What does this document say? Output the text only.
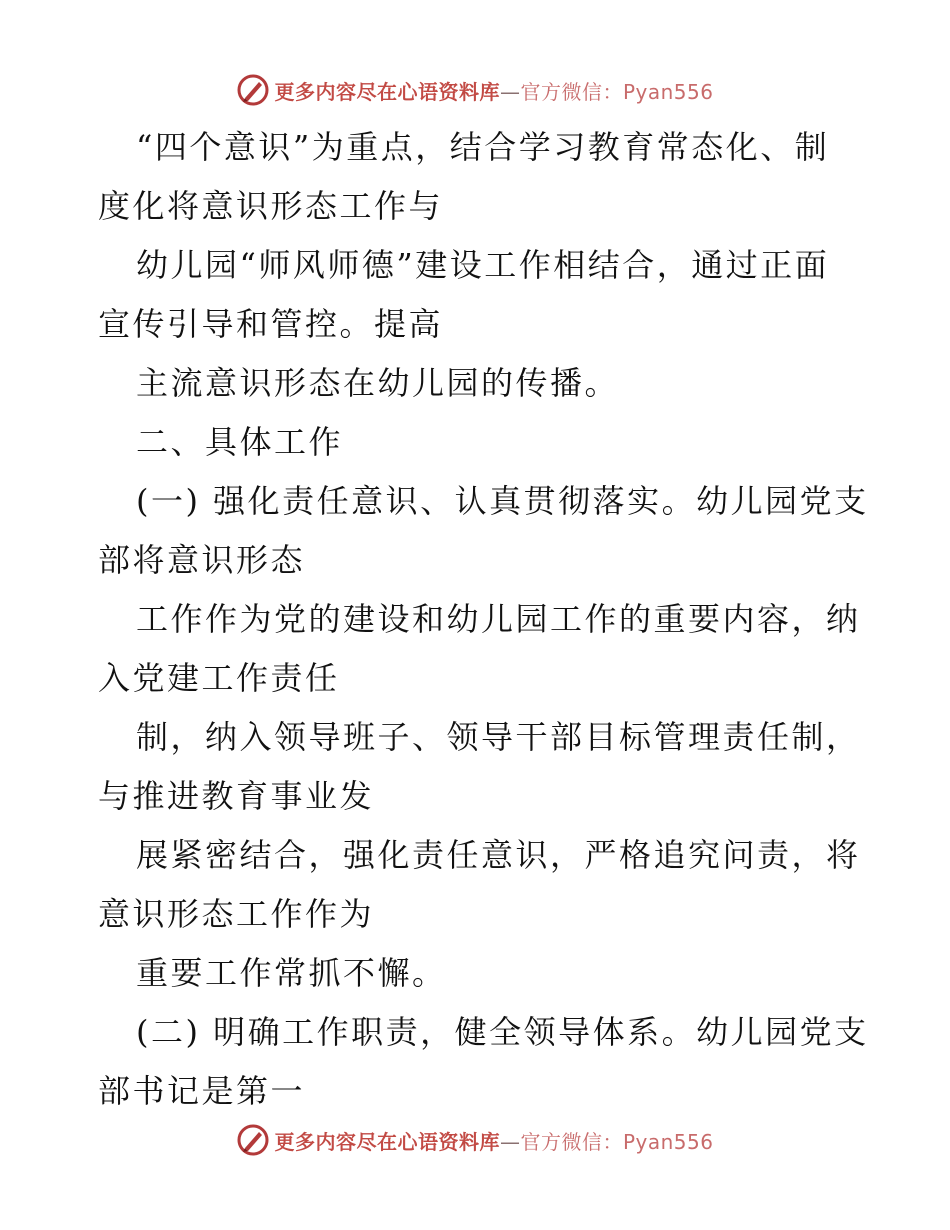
更多内容尽在心语资料库—官方微信：Pyan556
“四个意识”为重点，结合学习教育常态化、制
度化将意识形态工作与
幼儿园“师风师德”建设工作相结合，通过正面
宣传引导和管控。提高
主流意识形态在幼儿园的传播。
二、具体工作
(一) 强化责任意识、认真贯彻落实。幼儿园党支
部将意识形态
工作作为党的建设和幼儿园工作的重要内容，纳
入党建工作责任
制，纳入领导班子、领导干部目标管理责任制，
与推进教育事业发
展紧密结合，强化责任意识，严格追究问责，将
意识形态工作作为
重要工作常抓不懈。
(二) 明确工作职责，健全领导体系。幼儿园党支
部书记是第一
更多内容尽在心语资料库—官方微信：Pyan556
